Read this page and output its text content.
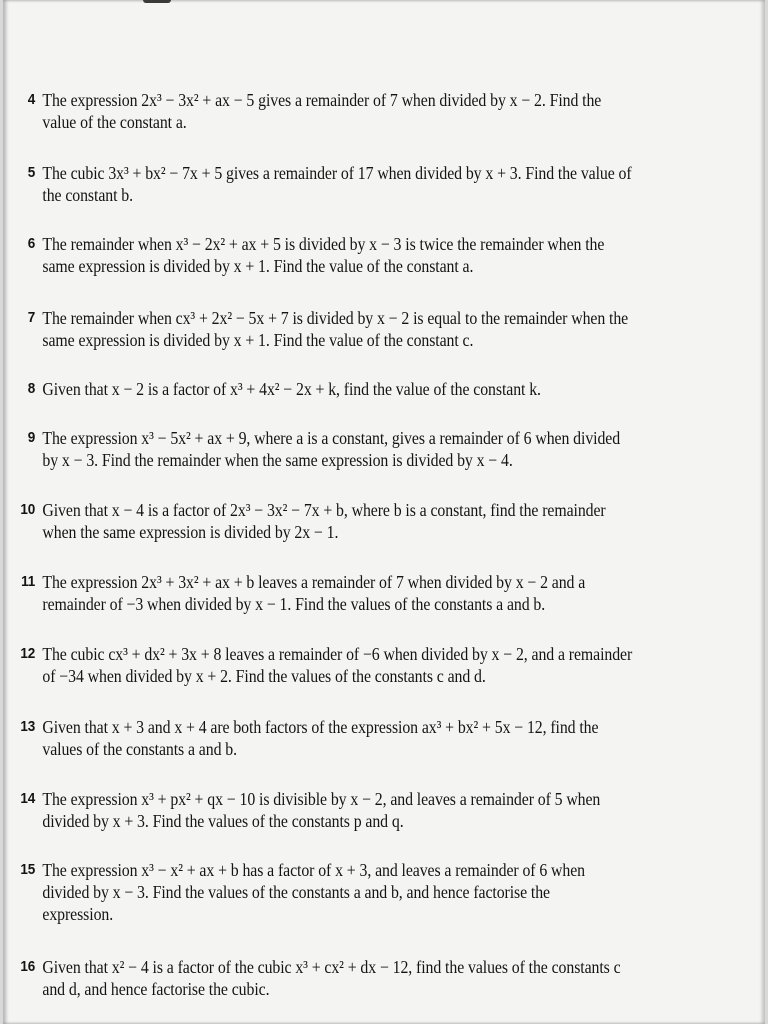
4 The expression 2x³ − 3x² + ax − 5 gives a remainder of 7 when divided by x − 2. Find the
value of the constant a.
5 The cubic 3x³ + bx² − 7x + 5 gives a remainder of 17 when divided by x + 3. Find the value of
the constant b.
6 The remainder when x³ − 2x² + ax + 5 is divided by x − 3 is twice the remainder when the
same expression is divided by x + 1. Find the value of the constant a.
7 The remainder when cx³ + 2x² − 5x + 7 is divided by x − 2 is equal to the remainder when the
same expression is divided by x + 1. Find the value of the constant c.
8 Given that x − 2 is a factor of x³ + 4x² − 2x + k, find the value of the constant k.
9 The expression x³ − 5x² + ax + 9, where a is a constant, gives a remainder of 6 when divided
by x − 3. Find the remainder when the same expression is divided by x − 4.
10 Given that x − 4 is a factor of 2x³ − 3x² − 7x + b, where b is a constant, find the remainder
when the same expression is divided by 2x − 1.
11 The expression 2x³ + 3x² + ax + b leaves a remainder of 7 when divided by x − 2 and a
remainder of −3 when divided by x − 1. Find the values of the constants a and b.
12 The cubic cx³ + dx² + 3x + 8 leaves a remainder of −6 when divided by x − 2, and a remainder
of −34 when divided by x + 2. Find the values of the constants c and d.
13 Given that x + 3 and x + 4 are both factors of the expression ax³ + bx² + 5x − 12, find the
values of the constants a and b.
14 The expression x³ + px² + qx − 10 is divisible by x − 2, and leaves a remainder of 5 when
divided by x + 3. Find the values of the constants p and q.
15 The expression x³ − x² + ax + b has a factor of x + 3, and leaves a remainder of 6 when
divided by x − 3. Find the values of the constants a and b, and hence factorise the
expression.
16 Given that x² − 4 is a factor of the cubic x³ + cx² + dx − 12, find the values of the constants c
and d, and hence factorise the cubic.
